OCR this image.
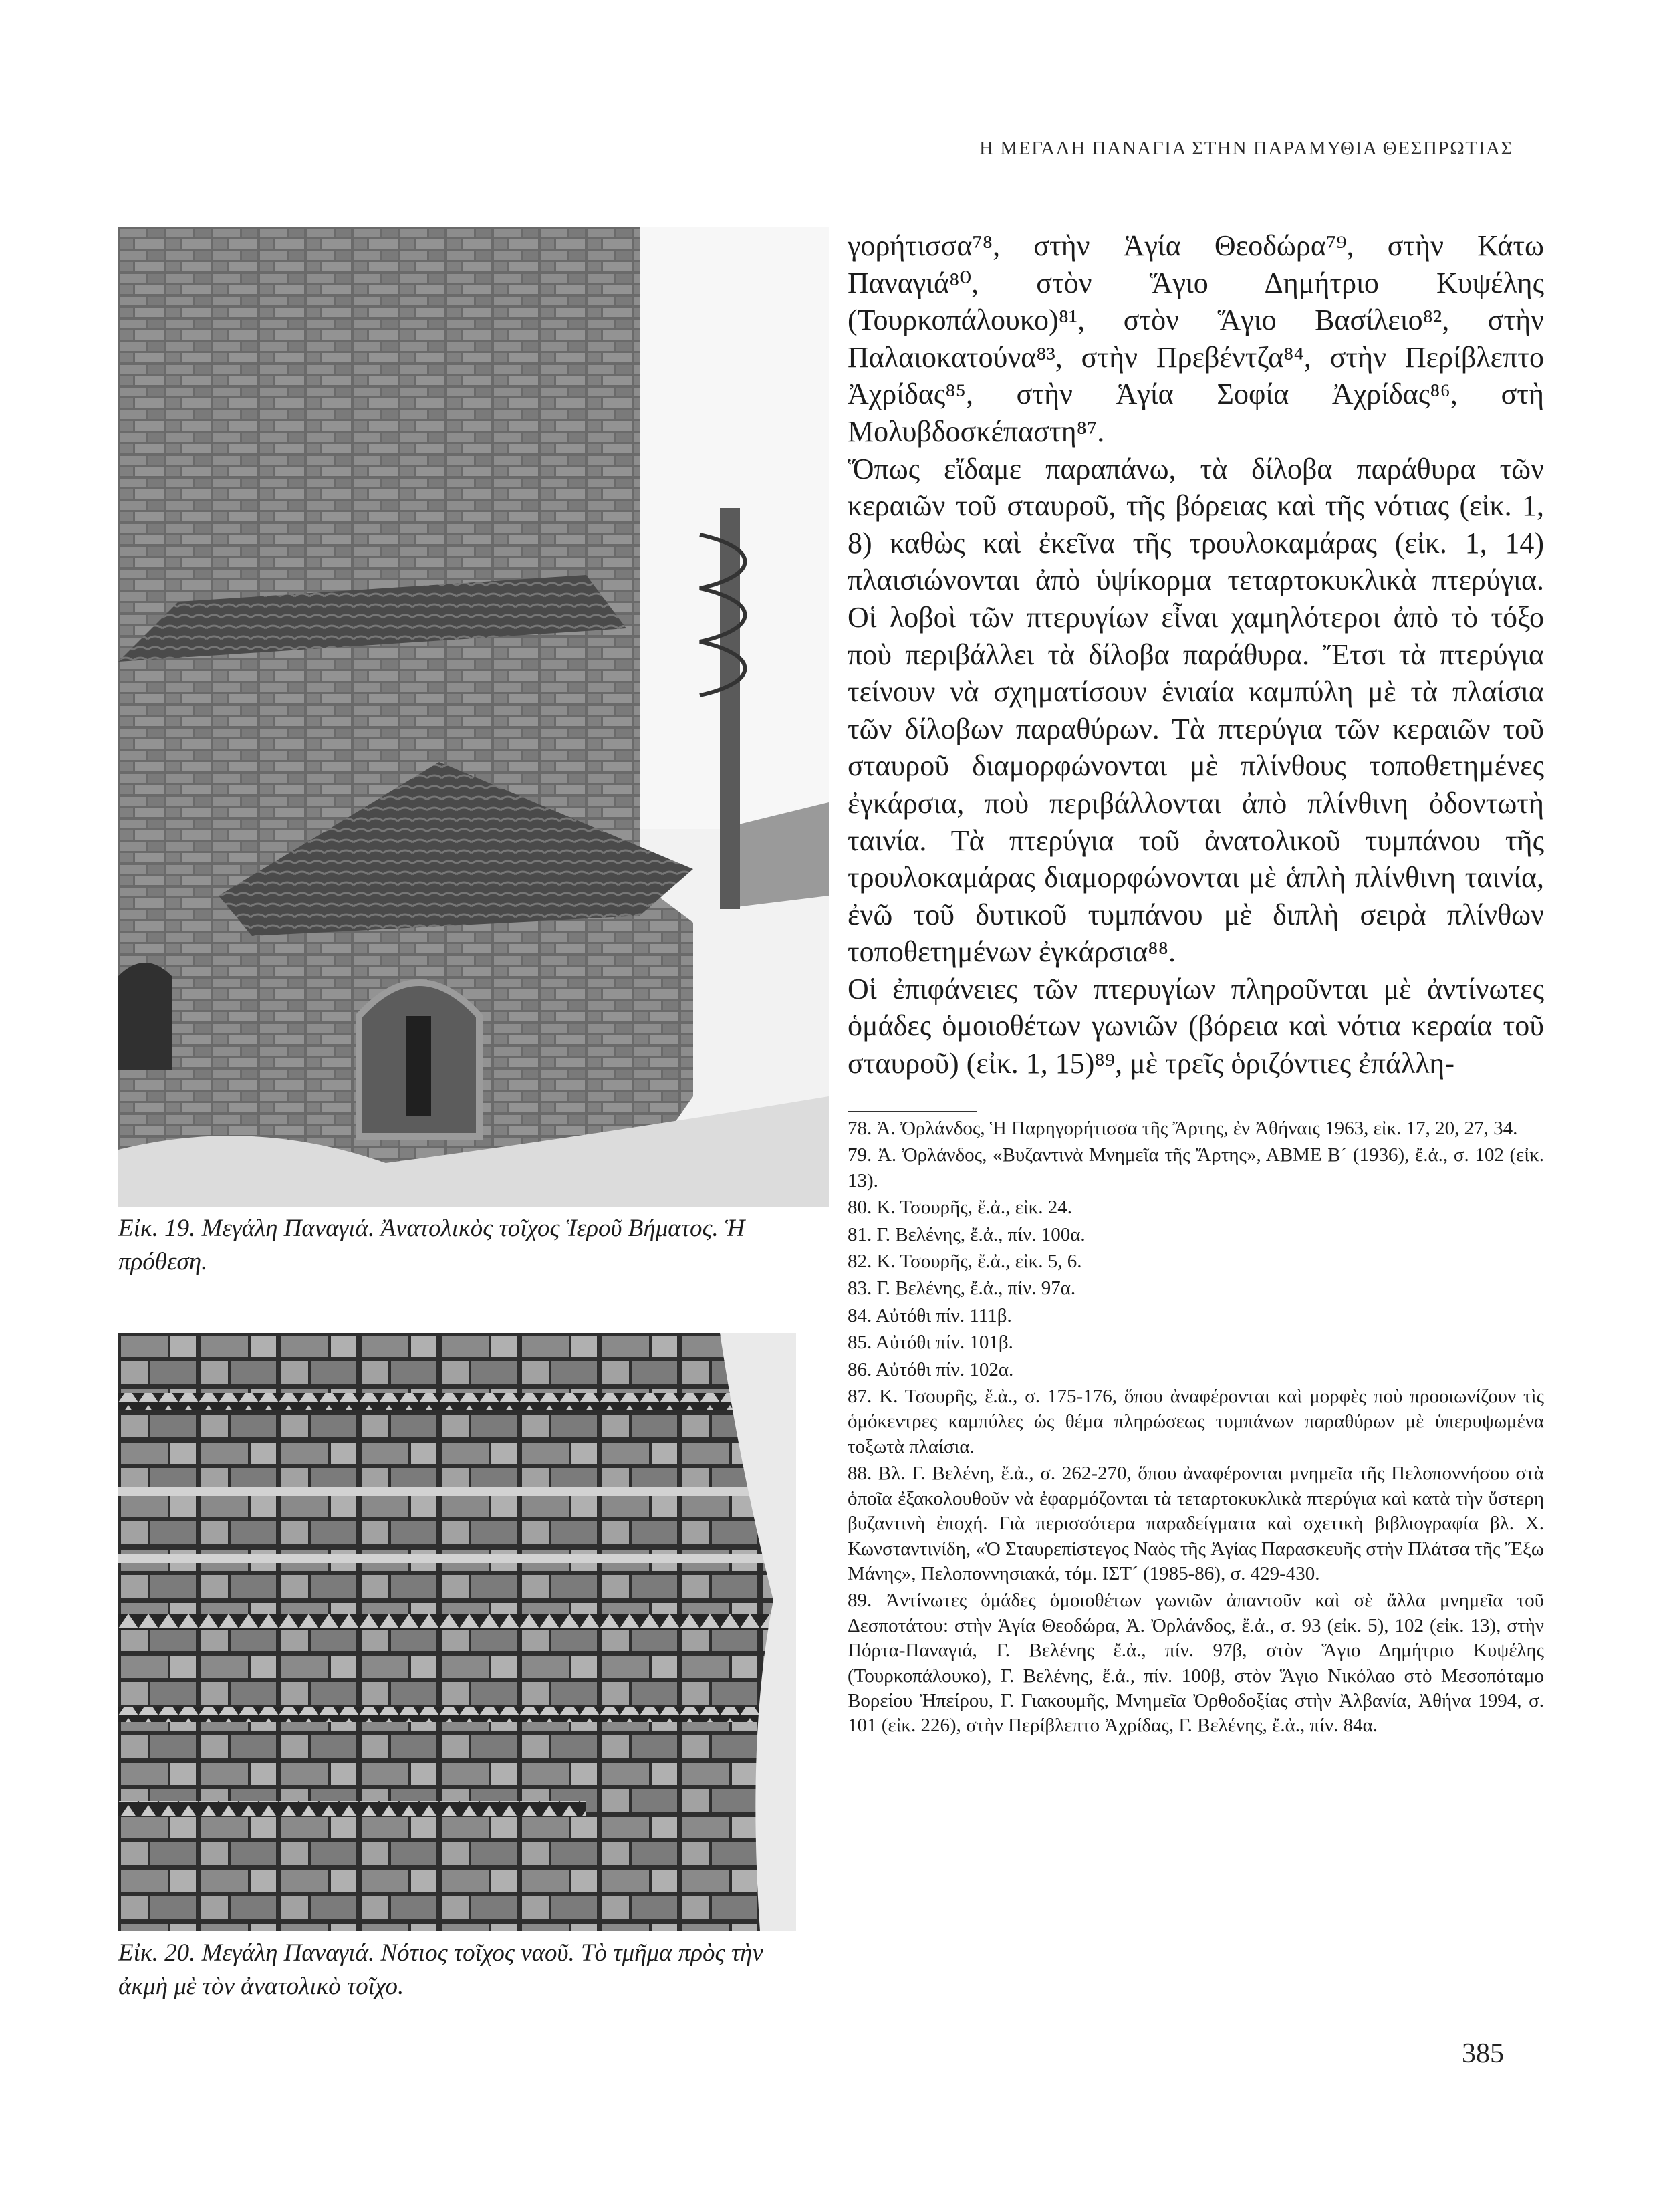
Η ΜΕΓΑΛΗ ΠΑΝΑΓΙΑ ΣΤΗΝ ΠΑΡΑΜΥΘΙΑ ΘΕΣΠΡΩΤΙΑΣ
Εἰκ. 19. Μεγάλη Παναγιά. Ἀνατολικὸς τοῖχος Ἱεροῦ Βήματος. Ἡ πρόθεση.
Εἰκ. 20. Μεγάλη Παναγιά. Νότιος τοῖχος ναοῦ. Τὸ τμῆμα πρὸς τὴν ἀκμὴ μὲ τὸν ἀνατολικὸ τοῖχο.

γορήτισσα⁷⁸, στὴν Ἁγία Θεοδώρα⁷⁹, στὴν Κάτω Παναγιά⁸⁰, στὸν Ἅγιο Δημήτριο Κυψέλης (Τουρκοπάλουκο)⁸¹, στὸν Ἅγιο Βασίλειο⁸², στὴν Παλαιοκατούνα⁸³, στὴν Πρεβέντζα⁸⁴, στὴν Περίβλεπτο Ἀχρίδας⁸⁵, στὴν Ἁγία Σοφία Ἀχρίδας⁸⁶, στὴ Μολυβδοσκέπαστη⁸⁷.

Ὅπως εἴδαμε παραπάνω, τὰ δίλοβα παράθυρα τῶν κεραιῶν τοῦ σταυροῦ, τῆς βόρειας καὶ τῆς νότιας (εἰκ. 1, 8) καθὼς καὶ ἐκεῖνα τῆς τρουλοκαμάρας (εἰκ. 1, 14) πλαισιώνονται ἀπὸ ὑψίκορμα τεταρτοκυκλικὰ πτερύγια. Οἱ λοβοὶ τῶν πτερυγίων εἶναι χαμηλότεροι ἀπὸ τὸ τόξο ποὺ περιβάλλει τὰ δίλοβα παράθυρα. Ἔτσι τὰ πτερύγια τείνουν νὰ σχηματίσουν ἑνιαία καμπύλη μὲ τὰ πλαίσια τῶν δίλοβων παραθύρων. Τὰ πτερύγια τῶν κεραιῶν τοῦ σταυροῦ διαμορφώνονται μὲ πλίνθους τοποθετημένες ἐγκάρσια, ποὺ περιβάλλονται ἀπὸ πλίνθινη ὀδοντωτὴ ταινία. Τὰ πτερύγια τοῦ ἀνατολικοῦ τυμπάνου τῆς τρουλοκαμάρας διαμορφώνονται μὲ ἁπλὴ πλίνθινη ταινία, ἐνῶ τοῦ δυτικοῦ τυμπάνου μὲ διπλὴ σειρὰ πλίνθων τοποθετημένων ἐγκάρσια⁸⁸.

Οἱ ἐπιφάνειες τῶν πτερυγίων πληροῦνται μὲ ἀντίνωτες ὁμάδες ὁμοιοθέτων γωνιῶν (βόρεια καὶ νότια κεραία τοῦ σταυροῦ) (εἰκ. 1, 15)⁸⁹, μὲ τρεῖς ὁριζόντιες ἐπάλλη-

78. Ἀ. Ὀρλάνδος, Ἡ Παρηγορήτισσα τῆς Ἄρτης, ἐν Ἀθήναις 1963, εἰκ. 17, 20, 27, 34.

79. Ἀ. Ὀρλάνδος, «Βυζαντινὰ Μνημεῖα τῆς Ἄρτης», ΑΒΜΕ Β´ (1936), ἔ.ἀ., σ. 102 (εἰκ. 13).

80. Κ. Τσουρῆς, ἔ.ἀ., εἰκ. 24.

81. Γ. Βελένης, ἔ.ἀ., πίν. 100α.

82. Κ. Τσουρῆς, ἔ.ἀ., εἰκ. 5, 6.

83. Γ. Βελένης, ἔ.ἀ., πίν. 97α.

84. Αὐτόθι πίν. 111β.

85. Αὐτόθι πίν. 101β.

86. Αὐτόθι πίν. 102α.

87. Κ. Τσουρῆς, ἔ.ἀ., σ. 175-176, ὅπου ἀναφέρονται καὶ μορφὲς ποὺ προοιωνίζουν τὶς ὁμόκεντρες καμπύλες ὡς θέμα πληρώσεως τυμπάνων παραθύρων μὲ ὑπερυψωμένα τοξωτὰ πλαίσια.

88. Βλ. Γ. Βελένη, ἔ.ἀ., σ. 262-270, ὅπου ἀναφέρονται μνημεῖα τῆς Πελοποννήσου στὰ ὁποῖα ἐξακολουθοῦν νὰ ἐφαρμόζονται τὰ τεταρτοκυκλικὰ πτερύγια καὶ κατὰ τὴν ὕστερη βυζαντινὴ ἐποχή. Γιὰ περισσότερα παραδείγματα καὶ σχετικὴ βιβλιογραφία βλ. Χ. Κωνσταντινίδη, «Ὁ Σταυρεπίστεγος Ναὸς τῆς Ἁγίας Παρασκευῆς στὴν Πλάτσα τῆς Ἔξω Μάνης», Πελοποννησιακά, τόμ. ΙΣΤ´ (1985-86), σ. 429-430.

89. Ἀντίνωτες ὁμάδες ὁμοιοθέτων γωνιῶν ἀπαντοῦν καὶ σὲ ἄλλα μνημεῖα τοῦ Δεσποτάτου: στὴν Ἁγία Θεοδώρα, Ἀ. Ὀρλάνδος, ἔ.ἀ., σ. 93 (εἰκ. 5), 102 (εἰκ. 13), στὴν Πόρτα-Παναγιά, Γ. Βελένης ἔ.ἀ., πίν. 97β, στὸν Ἅγιο Δημήτριο Κυψέλης (Τουρκοπάλουκο), Γ. Βελένης, ἔ.ἀ., πίν. 100β, στὸν Ἅγιο Νικόλαο στὸ Μεσοπόταμο Βορείου Ἠπείρου, Γ. Γιακουμῆς, Μνημεῖα Ὀρθοδοξίας στὴν Ἀλβανία, Ἀθήνα 1994, σ. 101 (εἰκ. 226), στὴν Περίβλεπτο Ἀχρίδας, Γ. Βελένης, ἔ.ἀ., πίν. 84α.

385
